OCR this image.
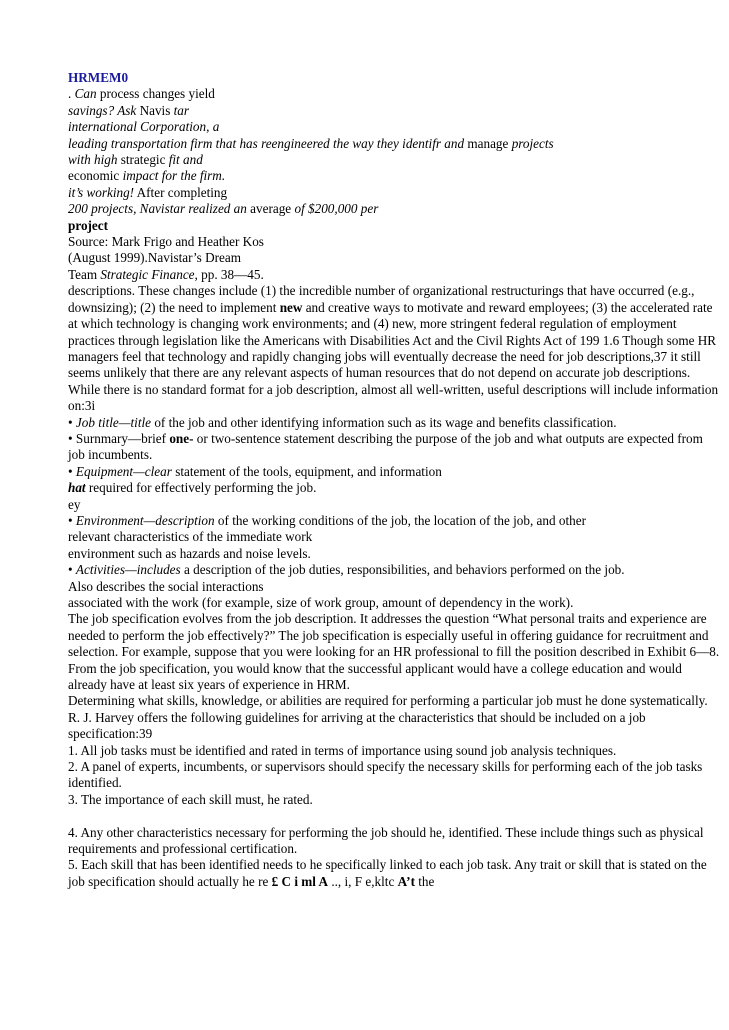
HRMEM0
. Can process changes yield
savings? Ask Navis tar
international Corporation, a
leading transportation firm that has reengineered the way they identifr and manage projects
with high strategic fit and
economic impact for the firm.
it’s working! After completing
200 projects, Navistar realized an average of $200,000 per
project
Source: Mark Frigo and Heather Kos
(August 1999).Navistar’s Dream
Team Strategic Finance, pp. 38—45.
descriptions. These changes include (1) the incredible number of organizational restructurings that have occurred (e.g., downsizing); (2) the need to implement new and creative ways to motivate and reward employees; (3) the accelerated rate at which technology is changing work environments; and (4) new, more stringent federal regulation of employment practices through legislation like the Americans with Disabilities Act and the Civil Rights Act of 199 1.6 Though some HR managers feel that technology and rapidly changing jobs will eventually decrease the need for job descriptions,37 it still seems unlikely that there are any relevant aspects of human resources that do not depend on accurate job descriptions.
While there is no standard format for a job description, almost all well-written, useful descriptions will include information on:3i
• Job title—title of the job and other identifying information such as its wage and benefits classification.
• Surnmary—brief one- or two-sentence statement describing the purpose of the job and what outputs are expected from job incumbents.
• Equipment—clear statement of the tools, equipment, and information
hat required for effectively performing the job.
ey
• Environment—description of the working conditions of the job, the location of the job, and other
relevant characteristics of the immediate work
environment such as hazards and noise levels.
• Activities—includes a description of the job duties, responsibilities, and behaviors performed on the job.
Also describes the social interactions
associated with the work (for example, size of work group, amount of dependency in the work).
The job specification evolves from the job description. It addresses the question “What personal traits and experience are needed to perform the job effectively?” The job specification is especially useful in offering guidance for recruitment and selection. For example, suppose that you were looking for an HR professional to fill the position described in Exhibit 6—8. From the job specification, you would know that the successful applicant would have a college education and would already have at least six years of experience in HRM.
Determining what skills, knowledge, or abilities are required for performing a particular job must he done systematically. R. J. Harvey offers the following guidelines for arriving at the characteristics that should be included on a job specification:39
1. All job tasks must be identified and rated in terms of importance using sound job analysis techniques.
2. A panel of experts, incumbents, or supervisors should specify the necessary skills for performing each of the job tasks identified.
3. The importance of each skill must, he rated.
4. Any other characteristics necessary for performing the job should he, identified. These include things such as physical requirements and professional certification.
5. Each skill that has been identified needs to he specifically linked to each job task. Any trait or skill that is stated on the job specification should actually he re £ C i ml A .., i, F e,kltc A’t the
